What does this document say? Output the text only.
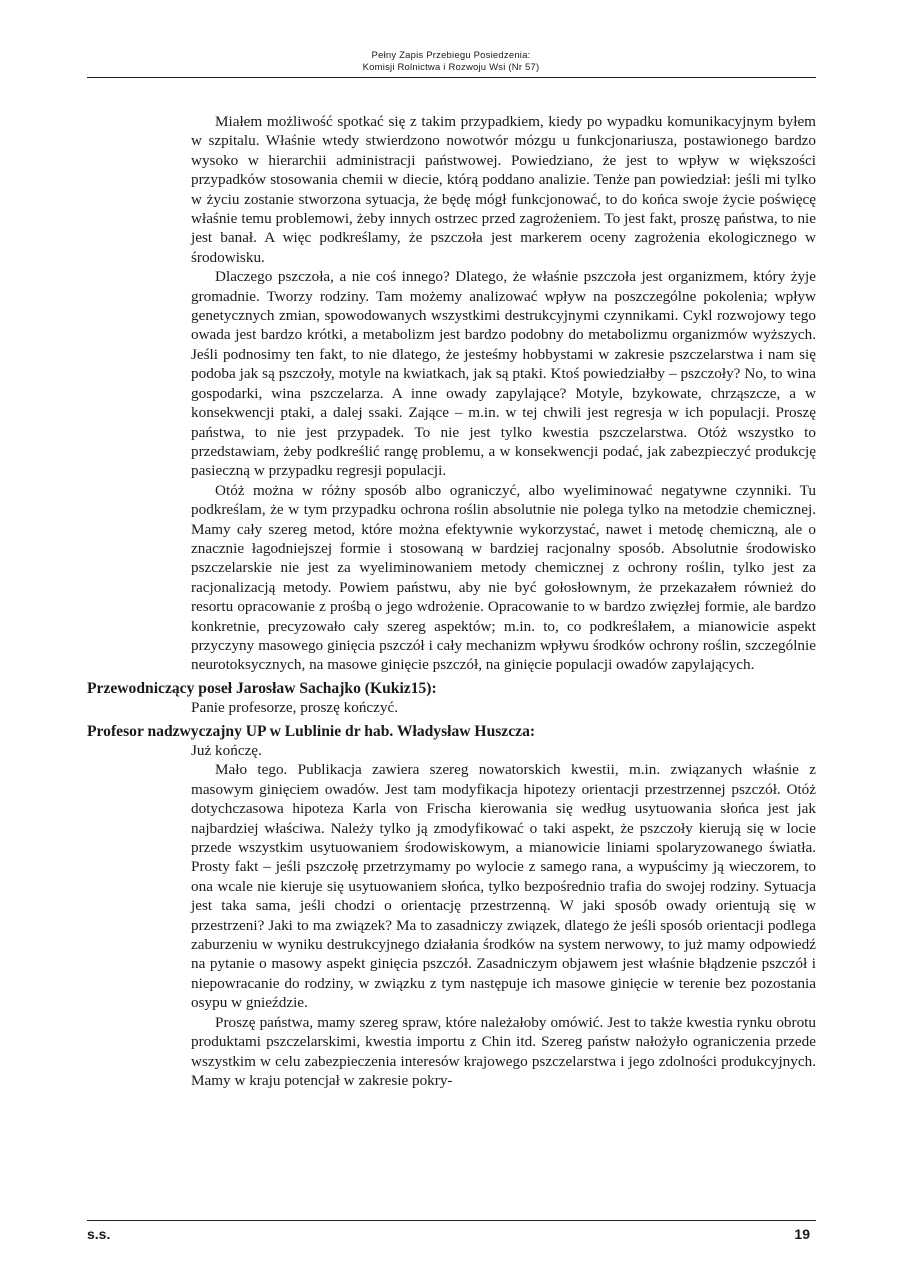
Pełny Zapis Przebiegu Posiedzenia:
Komisji Rolnictwa i Rozwoju Wsi (Nr 57)

Miałem możliwość spotkać się z takim przypadkiem, kiedy po wypadku komunikacyjnym byłem w szpitalu. Właśnie wtedy stwierdzono nowotwór mózgu u funkcjonariusza, postawionego bardzo wysoko w hierarchii administracji państwowej. Powiedziano, że jest to wpływ w większości przypadków stosowania chemii w diecie, którą poddano analizie. Tenże pan powiedział: jeśli mi tylko w życiu zostanie stworzona sytuacja, że będę mógł funkcjonować, to do końca swoje życie poświęcę właśnie temu problemowi, żeby innych ostrzec przed zagrożeniem. To jest fakt, proszę państwa, to nie jest banał. A więc podkreślamy, że pszczoła jest markerem oceny zagrożenia ekologicznego w środowisku.

Dlaczego pszczoła, a nie coś innego? Dlatego, że właśnie pszczoła jest organizmem, który żyje gromadnie. Tworzy rodziny. Tam możemy analizować wpływ na poszczególne pokolenia; wpływ genetycznych zmian, spowodowanych wszystkimi destrukcyjnymi czynnikami. Cykl rozwojowy tego owada jest bardzo krótki, a metabolizm jest bardzo podobny do metabolizmu organizmów wyższych. Jeśli podnosimy ten fakt, to nie dlatego, że jesteśmy hobbystami w zakresie pszczelarstwa i nam się podoba jak są pszczoły, motyle na kwiatkach, jak są ptaki. Ktoś powiedziałby – pszczoły? No, to wina gospodarki, wina pszczelarza. A inne owady zapylające? Motyle, bzykowate, chrząszcze, a w konsekwencji ptaki, a dalej ssaki. Zające – m.in. w tej chwili jest regresja w ich populacji. Proszę państwa, to nie jest przypadek. To nie jest tylko kwestia pszczelarstwa. Otóż wszystko to przedstawiam, żeby podkreślić rangę problemu, a w konsekwencji podać, jak zabezpieczyć produkcję pasieczną w przypadku regresji populacji.

Otóż można w różny sposób albo ograniczyć, albo wyeliminować negatywne czynniki. Tu podkreślam, że w tym przypadku ochrona roślin absolutnie nie polega tylko na metodzie chemicznej. Mamy cały szereg metod, które można efektywnie wykorzystać, nawet i metodę chemiczną, ale o znacznie łagodniejszej formie i stosowaną w bardziej racjonalny sposób. Absolutnie środowisko pszczelarskie nie jest za wyeliminowaniem metody chemicznej z ochrony roślin, tylko jest za racjonalizacją metody. Powiem państwu, aby nie być gołosłownym, że przekazałem również do resortu opracowanie z prośbą o jego wdrożenie. Opracowanie to w bardzo zwięzłej formie, ale bardzo konkretnie, precyzowało cały szereg aspektów; m.in. to, co podkreślałem, a mianowicie aspekt przyczyny masowego ginięcia pszczół i cały mechanizm wpływu środków ochrony roślin, szczególnie neurotoksycznych, na masowe ginięcie pszczół, na ginięcie populacji owadów zapylających.

Przewodniczący poseł Jarosław Sachajko (Kukiz15):

Panie profesorze, proszę kończyć.

Profesor nadzwyczajny UP w Lublinie dr hab. Władysław Huszcza:

Już kończę.

Mało tego. Publikacja zawiera szereg nowatorskich kwestii, m.in. związanych właśnie z masowym ginięciem owadów. Jest tam modyfikacja hipotezy orientacji przestrzennej pszczół. Otóż dotychczasowa hipoteza Karla von Frischa kierowania się według usytuowania słońca jest jak najbardziej właściwa. Należy tylko ją zmodyfikować o taki aspekt, że pszczoły kierują się w locie przede wszystkim usytuowaniem środowiskowym, a mianowicie liniami spolaryzowanego światła. Prosty fakt – jeśli pszczołę przetrzymamy po wylocie z samego rana, a wypuścimy ją wieczorem, to ona wcale nie kieruje się usytuowaniem słońca, tylko bezpośrednio trafia do swojej rodziny. Sytuacja jest taka sama, jeśli chodzi o orientację przestrzenną. W jaki sposób owady orientują się w przestrzeni? Jaki to ma związek? Ma to zasadniczy związek, dlatego że jeśli sposób orientacji podlega zaburzeniu w wyniku destrukcyjnego działania środków na system nerwowy, to już mamy odpowiedź na pytanie o masowy aspekt ginięcia pszczół. Zasadniczym objawem jest właśnie błądzenie pszczół i niepowracanie do rodziny, w związku z tym następuje ich masowe ginięcie w terenie bez pozostania osypu w gnieździe.

Proszę państwa, mamy szereg spraw, które należałoby omówić. Jest to także kwestia rynku obrotu produktami pszczelarskimi, kwestia importu z Chin itd. Szereg państw nałożyło ograniczenia przede wszystkim w celu zabezpieczenia interesów krajowego pszczelarstwa i jego zdolności produkcyjnych. Mamy w kraju potencjał w zakresie pokry-

s.s.	19
